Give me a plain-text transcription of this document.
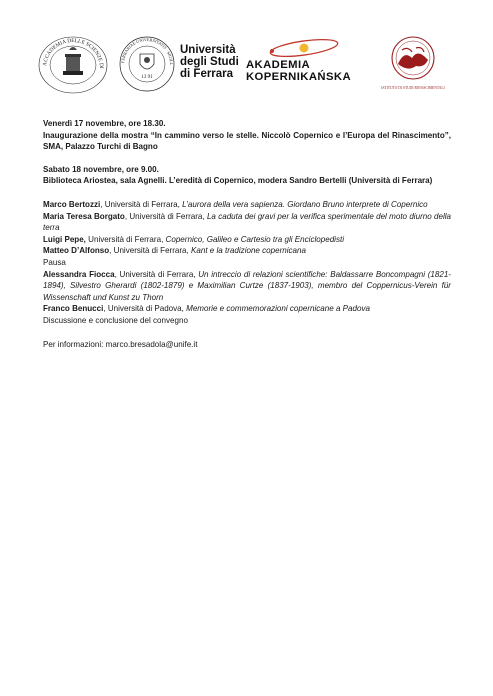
ACCADEMIA DELLE SCIENZE DI
FERRARIAE UNIVERSITATIS · SIGILL
13 91
Università
degli Studi
di Ferrara
AKADEMIA
KOPERNIKAŃSKA
ISTITUTO DI STUDI RINASCIMENTALI

Venerdì 17 novembre, ore 18.30.

Inaugurazione della mostra “In cammino verso le stelle. Niccolò Copernico e l’Europa del Rinascimento”, SMA, Palazzo Turchi di Bagno

Sabato 18 novembre, ore 9.00.

Biblioteca Ariostea, sala Agnelli. L’eredità di Copernico, modera Sandro Bertelli (Università di Ferrara)

Marco Bertozzi, Università di Ferrara, L’aurora della vera sapienza. Giordano Bruno interprete di Copernico

Maria Teresa Borgato, Università di Ferrara, La caduta dei gravi per la verifica sperimentale del moto diurno della terra

Luigi Pepe, Università di Ferrara, Copernico, Galileo e Cartesio tra gli Enciclopedisti

Matteo D’Alfonso, Università di Ferrara, Kant e la tradizione copernicana

Pausa

Alessandra Fiocca, Università di Ferrara, Un intreccio di relazioni scientifiche: Baldassarre Boncompagni (1821-1894), Silvestro Gherardi (1802-1879) e Maximilian Curtze (1837-1903), membro del Coppernicus-Verein für Wissenschaft und Kunst zu Thorn

Franco Benucci, Università di Padova, Memorie e commemorazioni copernicane a Padova

Discussione e conclusione del convegno

Per informazioni: marco.bresadola@unife.it
